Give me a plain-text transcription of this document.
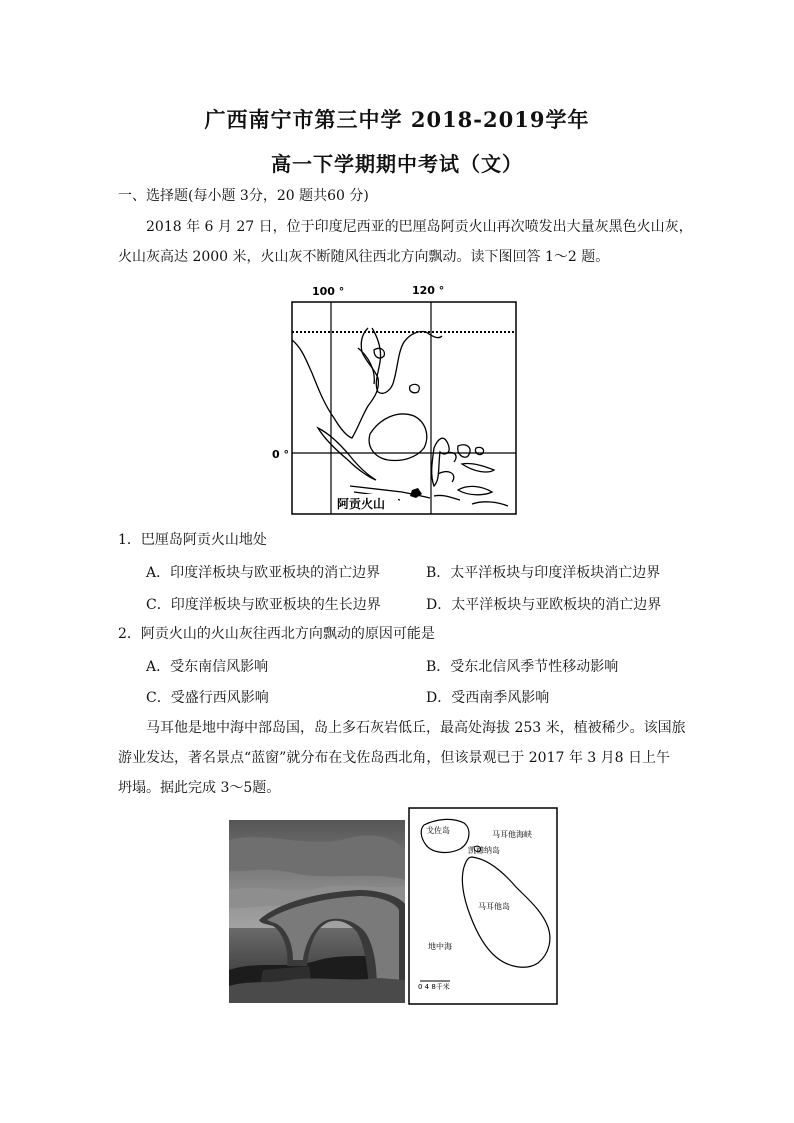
广西南宁市第三中学 2018-2019学年
高一下学期期中考试（文）
一、选择题(每小题 3分，20 题共60 分)
2018 年 6 月 27 日，位于印度尼西亚的巴厘岛阿贡火山再次喷发出大量灰黑色火山灰，
火山灰高达 2000 米，火山灰不断随风往西北方向飘动。读下图回答 1～2 题。
100 °	120 °
0 °
阿贡火山
1．巴厘岛阿贡火山地处
A．印度洋板块与欧亚板块的消亡边界	B．太平洋板块与印度洋板块消亡边界
C．印度洋板块与欧亚板块的生长边界	D．太平洋板块与亚欧板块的消亡边界
2．阿贡火山的火山灰往西北方向飘动的原因可能是
A．受东南信风影响	B．受东北信风季节性移动影响
C．受盛行西风影响	D．受西南季风影响
马耳他是地中海中部岛国，岛上多石灰岩低丘，最高处海拔 253 米，植被稀少。该国旅
游业发达，著名景点“蓝窗”就分布在戈佐岛西北角，但该景观已于 2017 年 3 月8 日上午
坍塌。据此完成 3～5题。
戈佐岛	马耳他海峡
凯穆纳岛
马耳他岛
地中海
0 4 8千米
